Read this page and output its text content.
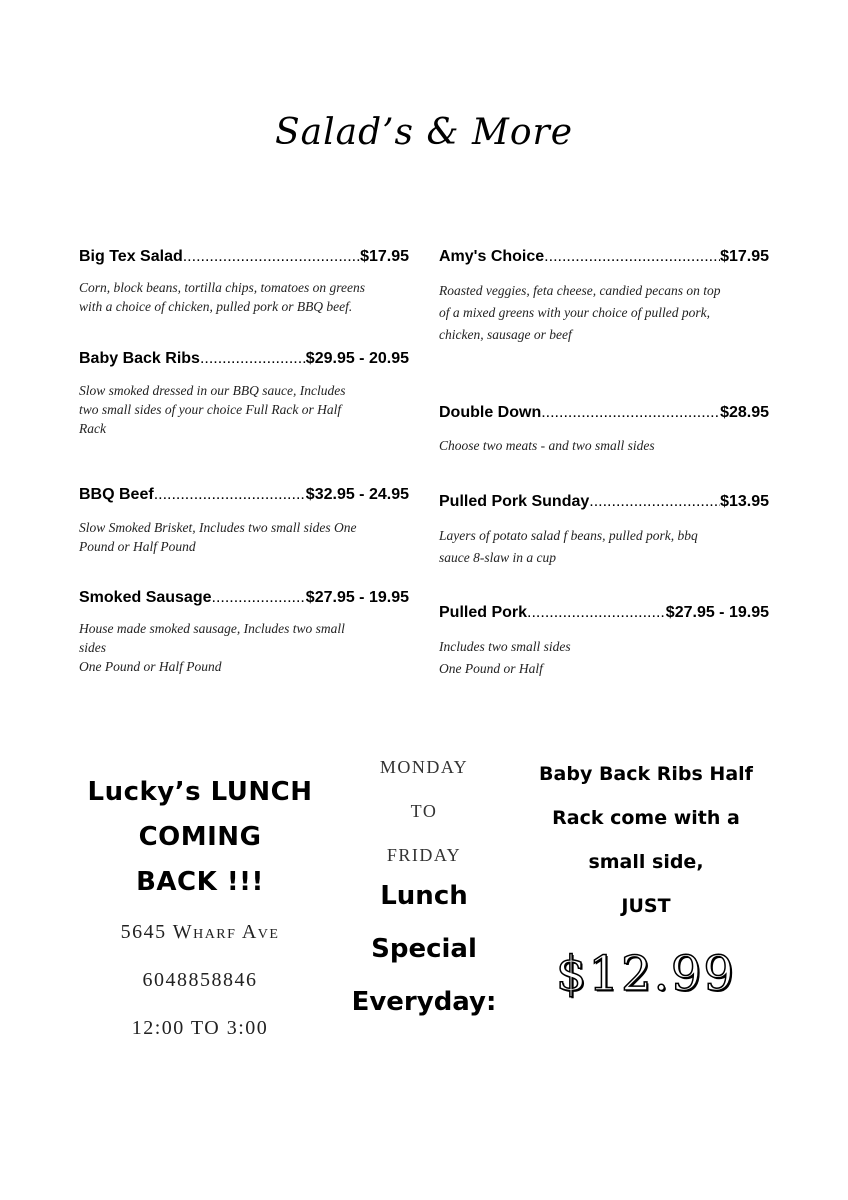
Salad’s & More
Big Tex Salad .....	$17.95
Corn, block beans, tortilla chips, tomatoes on greens
with a choice of chicken, pulled pork or BBQ beef.
Baby Back Ribs .....	$29.95 - 20.95
Slow smoked dressed in our BBQ sauce, Includes
two small sides of your choice Full Rack or Half
Rack
BBQ Beef .....	$32.95 - 24.95
Slow Smoked Brisket, Includes two small sides One
Pound or Half Pound
Smoked Sausage .....	$27.95 - 19.95
House made smoked sausage, Includes two small
sides
One Pound or Half Pound
Amy's Choice .....	$17.95
Roasted veggies, feta cheese, candied pecans on top
of a mixed greens with your choice of pulled pork,
chicken, sausage or beef
Double Down .....	$28.95
Choose two meats - and two small sides
Pulled Pork Sunday .....	$13.95
Layers of potato salad f beans, pulled pork, bbq
sauce 8-slaw in a cup
Pulled Pork .....	$27.95 - 19.95
Includes two small sides
One Pound or Half
Lucky’s LUNCH
COMING
BACK !!!
5645 Wharf Ave
6048858846
12:00 TO 3:00
MONDAY
TO
FRIDAY
Lunch
Special
Everyday:
Baby Back Ribs Half
Rack come with a
small side,
JUST
$12.99
